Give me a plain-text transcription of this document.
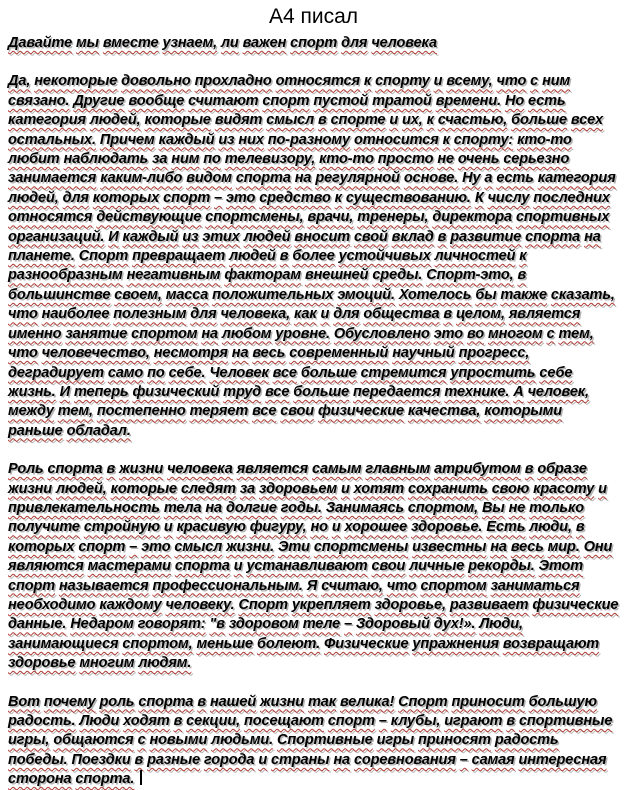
А4 писал
Давайте мы вместе узнаем, ли важен спорт для человека

Да, некоторые довольно прохладно относятся к спорту и всему, что с ним связано. Другие вообще считают спорт пустой тратой времени. Но есть категория людей, которые видят смысл в спорте и их, к счастью, больше всех остальных. Причем каждый из них по-разному относится к спорту: кто-то любит наблюдать за ним по телевизору, кто-то просто не очень серьезно занимается каким-либо видом спорта на регулярной основе. Ну а есть категория людей, для которых спорт – это средство к существованию. К числу последних относятся действующие спортсмены, врачи, тренеры, директора спортивных организаций. И каждый из этих людей вносит свой вклад в развитие спорта на планете. Спорт превращает людей в более устойчивых личностей к разнообразным негативным факторам внешней среды. Спорт-это, в большинстве своем, масса положительных эмоций. Хотелось бы также сказать, что наиболее полезным для человека, как и для общества в целом, является именно занятие спортом на любом уровне. Обусловлено это во многом с тем, что человечество, несмотря на весь современный научный прогресс, деградирует само по себе. Человек все больше стремится упростить себе жизнь. И теперь физический труд все больше передается технике. А человек, между тем, постепенно теряет все свои физические качества, которыми раньше обладал.

Роль спорта в жизни человека является самым главным атрибутом в образе жизни людей, которые следят за здоровьем и хотят сохранить свою красоту и привлекательность тела на долгие годы. Занимаясь спортом, Вы не только получите стройную и красивую фигуру, но и хорошее здоровье. Есть люди, в которых спорт – это смысл жизни. Эти спортсмены известны на весь мир. Они являются мастерами спорта и устанавливают свои личные рекорды. Этот спорт называется профессиональным. Я считаю, что спортом заниматься необходимо каждому человеку. Спорт укрепляет здоровье, развивает физические данные. Недаром говорят: "в здоровом теле – Здоровый дух!». Люди, занимающиеся спортом, меньше болеют. Физические упражнения возвращают здоровье многим людям.

Вот почему роль спорта в нашей жизни так велика! Спорт приносит большую радость. Люди ходят в секции, посещают спорт – клубы, играют в спортивные игры, общаются с новыми людьми. Спортивные игры приносят радость победы. Поездки в разные города и страны на соревнования – самая интересная сторона спорта.
